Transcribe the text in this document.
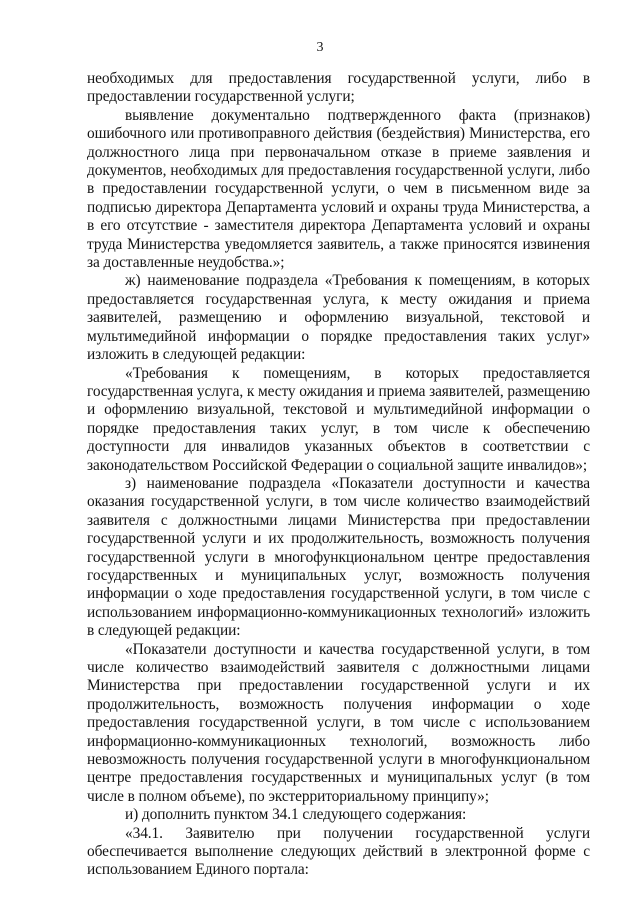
3

необходимых для предоставления государственной услуги, либо в предоставлении государственной услуги;

выявление документально подтвержденного факта (признаков) ошибочного или противоправного действия (бездействия) Министерства, его должностного лица при первоначальном отказе в приеме заявления и документов, необходимых для предоставления государственной услуги, либо в предоставлении государственной услуги, о чем в письменном виде за подписью директора Департамента условий и охраны труда Министерства, а в его отсутствие - заместителя директора Департамента условий и охраны труда Министерства уведомляется заявитель, а также приносятся извинения за доставленные неудобства.»;

ж) наименование подраздела «Требования к помещениям, в которых предоставляется государственная услуга, к месту ожидания и приема заявителей, размещению и оформлению визуальной, текстовой и мультимедийной информации о порядке предоставления таких услуг» изложить в следующей редакции:

«Требования к помещениям, в которых предоставляется государственная услуга, к месту ожидания и приема заявителей, размещению и оформлению визуальной, текстовой и мультимедийной информации о порядке предоставления таких услуг, в том числе к обеспечению доступности для инвалидов указанных объектов в соответствии с законодательством Российской Федерации о социальной защите инвалидов»;

з) наименование подраздела «Показатели доступности и качества оказания государственной услуги, в том числе количество взаимодействий заявителя с должностными лицами Министерства при предоставлении государственной услуги и их продолжительность, возможность получения государственной услуги в многофункциональном центре предоставления государственных и муниципальных услуг, возможность получения информации о ходе предоставления государственной услуги, в том числе с использованием информационно-коммуникационных технологий» изложить в следующей редакции:

«Показатели доступности и качества государственной услуги, в том числе количество взаимодействий заявителя с должностными лицами Министерства при предоставлении государственной услуги и их продолжительность, возможность получения информации о ходе предоставления государственной услуги, в том числе с использованием информационно-коммуникационных технологий, возможность либо невозможность получения государственной услуги в многофункциональном центре предоставления государственных и муниципальных услуг (в том числе в полном объеме), по экстерриториальному принципу»;

и) дополнить пунктом 34.1 следующего содержания:

«34.1. Заявителю при получении государственной услуги обеспечивается выполнение следующих действий в электронной форме с использованием Единого портала:
